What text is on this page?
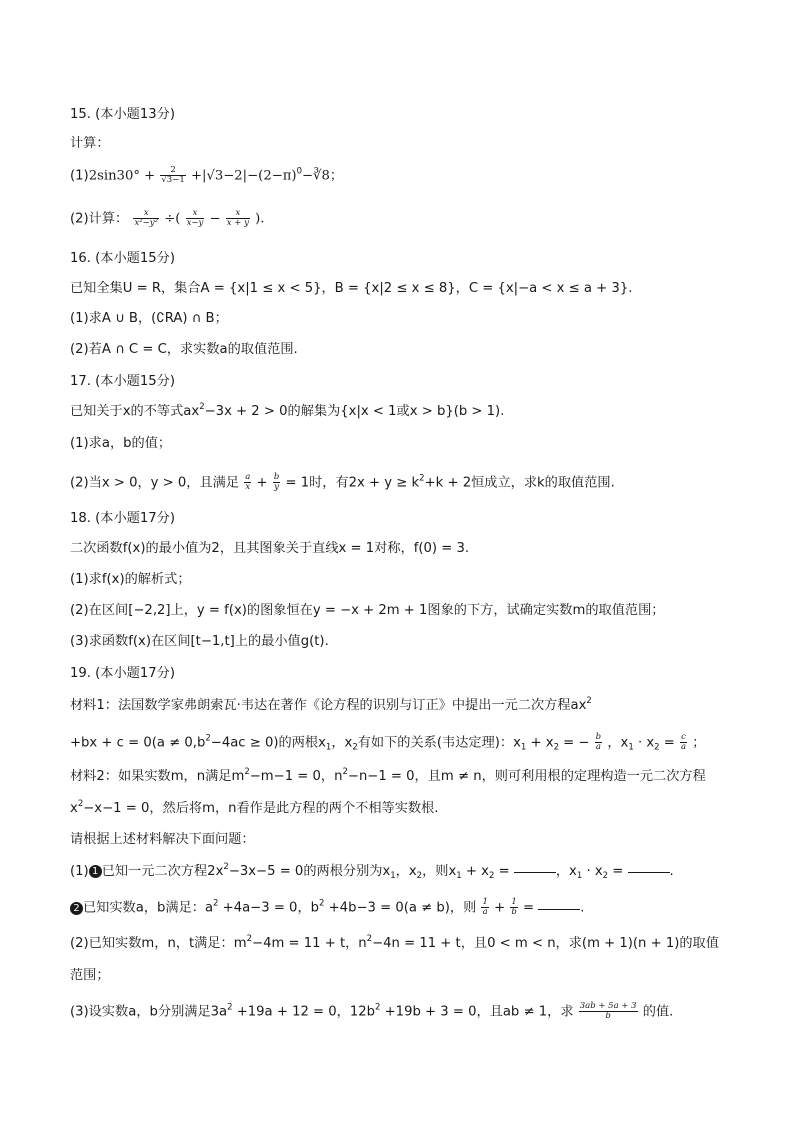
15. (本小题13分)
计算：
$(1)2\sin 30^\circ + \frac{2}{√3-1}$ $+|√3-2|-(2-\pi)^0-∛8$；
(2)计算： $\frac{x}{\text{x²−y²}}$ ÷( $\frac{x}{x-y} - \frac{x}{x + y}$ ).
16. (本小题15分)
已知全集U = R，集合A = {x|1 ≤ x < 5}，B = {x|2 ≤ x ≤ 8}，C = {x|−a < x ≤ a + 3}.
(1)求A ∪ B，(∁RA) ∩ B；
(2)若A ∩ C = C，求实数a的取值范围.
17. (本小题15分)
已知关于x的不等式$ax^2-3x + 2 > 0$的解集为{x|x < 1或x > b}(b > 1).
(1)求a，b的值；
(2)当x > 0，y > 0，且满足 $\frac{a}{x} + \frac{b}{y} = 1$时，有$2x + y \ge k^2+k + 2$恒成立，求k的取值范围.
18. (本小题17分)
二次函数f(x)的最小值为2，且其图象关于直线x = 1对称，f(0) = 3.
(1)求f(x)的解析式；
(2)在区间[−2,2]上，y = f(x)的图象恒在y = −x + 2m + 1图象的下方，试确定实数m的取值范围；
(3)求函数f(x)在区间[t−1,t]上的最小值g(t).
19. (本小题17分)
材料1：法国数学家弗朗索瓦·韦达在著作《论方程的识别与订正》中提出一元二次方程$ax^2$
$+bx + c = 0(a \ne 0,b^2-4ac \ge 0)$的两根$x_1$，$x_2$有如下的关系(韦达定理)：$x_1 + x_2$ = − $\frac{b}{a}$ ，$x_1 \cdot x_2 = \frac{c}{a}$ ；
材料2：如果实数m，n满足$m^2-m-1 = 0$，$n^2-n-1 = 0$，且m ≠ n，则可利用根的定理构造一元二次方程
$x^2-x-1 = 0$，然后将m，n看作是此方程的两个不相等实数根.
请根据上述材料解决下面问题：
(1) 1 已知一元二次方程$2x^2-3x-5 = 0$的两根分别为$x_1$，$x_2$，则$x_1 + x_2$ =	，$x_1 \cdot x_2$ =	.
2 已知实数a，b满足：$a^2 +4a-3 = 0$，$b^2 +4b-3 = 0(a \ne b)$，则 $\frac{1}{a} + \frac{1}{b}$ =	.
(2)已知实数m，n，t满足：$m^2-4m = 11 + t$，$n^2-4n = 11 + t$，且0 < m < n，求(m + 1)(n + 1)的取值
范围；
(3)设实数a，b分别满足$3a^2 +19a + 12 = 0$，$12b^2 +19b + 3 = 0$，且ab ≠ 1，求 $\frac{3ab + 5a + 3}{b}$ 的值.
